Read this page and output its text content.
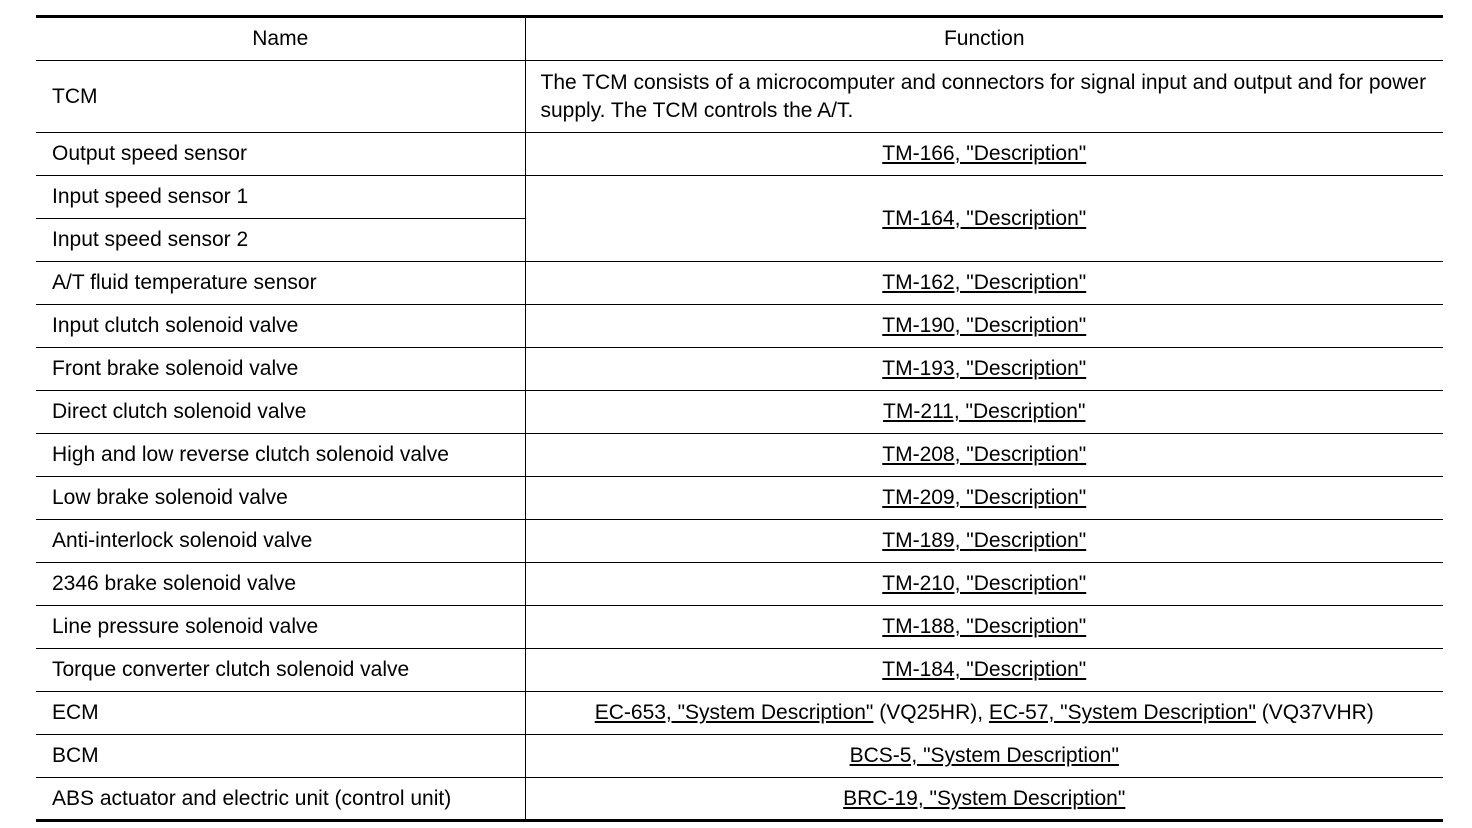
Name	Function
TCM	The TCM consists of a microcomputer and connectors for signal input and output and for power supply. The TCM controls the A/T.
Output speed sensor	TM-166, "Description"
Input speed sensor 1	TM-164, "Description"
Input speed sensor 2	
A/T fluid temperature sensor	TM-162, "Description"
Input clutch solenoid valve	TM-190, "Description"
Front brake solenoid valve	TM-193, "Description"
Direct clutch solenoid valve	TM-211, "Description"
High and low reverse clutch solenoid valve	TM-208, "Description"
Low brake solenoid valve	TM-209, "Description"
Anti-interlock solenoid valve	TM-189, "Description"
2346 brake solenoid valve	TM-210, "Description"
Line pressure solenoid valve	TM-188, "Description"
Torque converter clutch solenoid valve	TM-184, "Description"
ECM	EC-653, "System Description" (VQ25HR), EC-57, "System Description" (VQ37VHR)
BCM	BCS-5, "System Description"
ABS actuator and electric unit (control unit)	BRC-19, "System Description"
